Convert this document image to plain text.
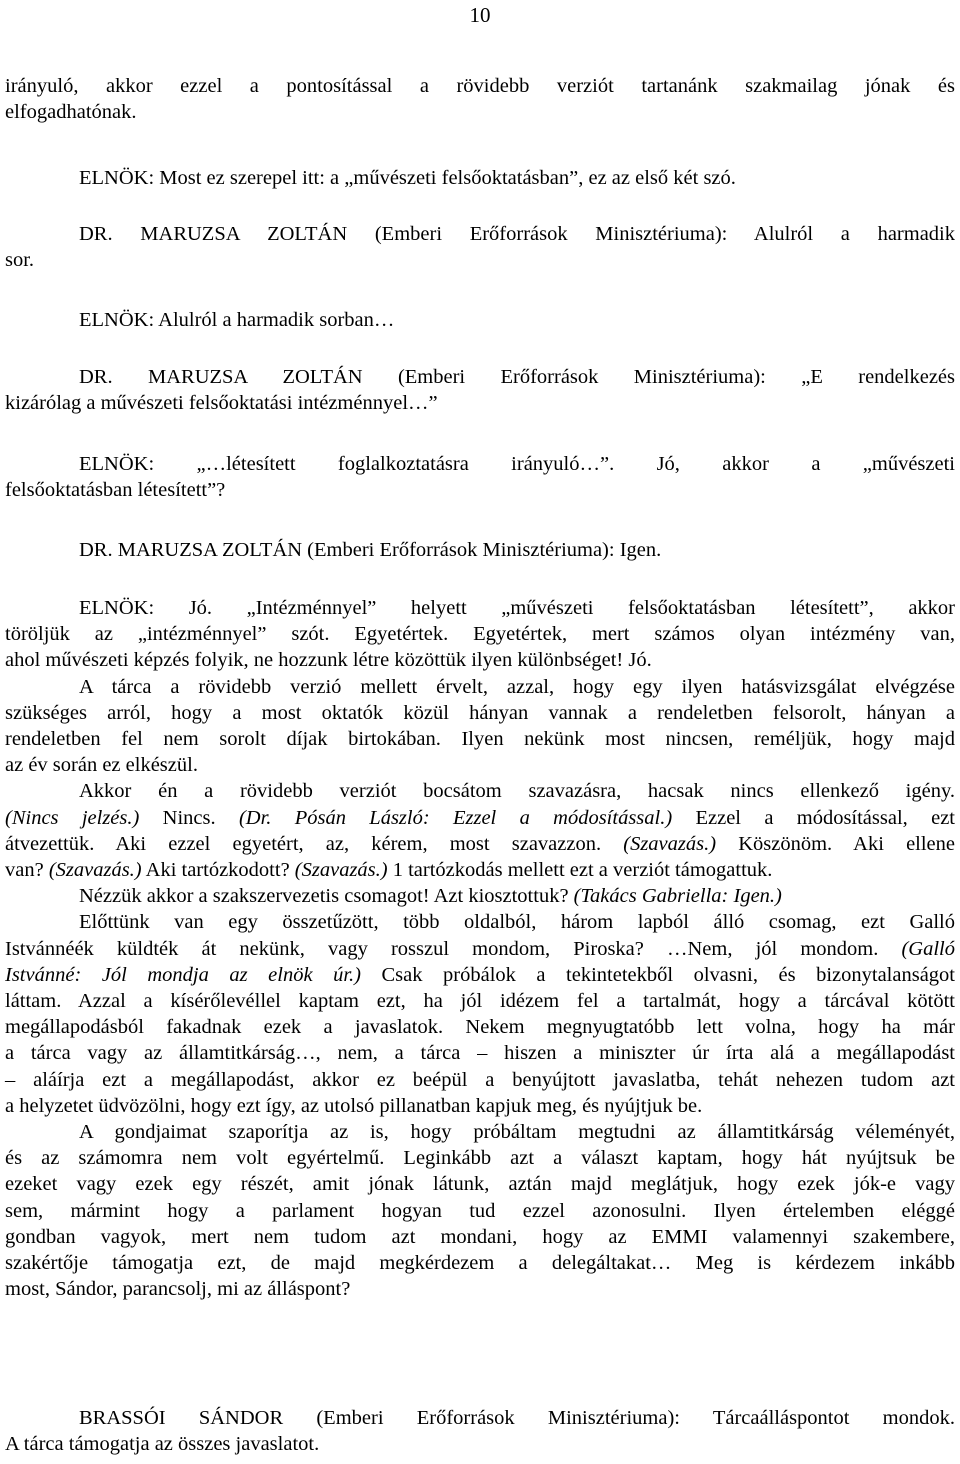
10

irányuló, akkor ezzel a pontosítással a rövidebb verziót tartanánk szakmailag jónak és
elfogadhatónak.

ELNÖK: Most ez szerepel itt: a „művészeti felsőoktatásban”, ez az első két szó.

DR. MARUZSA ZOLTÁN (Emberi Erőforrások Minisztériuma): Alulról a harmadik
sor.

ELNÖK: Alulról a harmadik sorban…

DR. MARUZSA ZOLTÁN (Emberi Erőforrások Minisztériuma): „E rendelkezés
kizárólag a művészeti felsőoktatási intézménnyel…”

ELNÖK: „…létesített foglalkoztatásra irányuló…”. Jó, akkor a „művészeti
felsőoktatásban létesített”?

DR. MARUZSA ZOLTÁN (Emberi Erőforrások Minisztériuma): Igen.

ELNÖK: Jó. „Intézménnyel” helyett „művészeti felsőoktatásban létesített”, akkor
töröljük az „intézménnyel” szót. Egyetértek. Egyetértek, mert számos olyan intézmény van,
ahol művészeti képzés folyik, ne hozzunk létre közöttük ilyen különbséget! Jó.
A tárca a rövidebb verzió mellett érvelt, azzal, hogy egy ilyen hatásvizsgálat elvégzése
szükséges arról, hogy a most oktatók közül hányan vannak a rendeletben felsorolt, hányan a
rendeletben fel nem sorolt díjak birtokában. Ilyen nekünk most nincsen, reméljük, hogy majd
az év során ez elkészül.
Akkor én a rövidebb verziót bocsátom szavazásra, hacsak nincs ellenkező igény.
(Nincs jelzés.) Nincs. (Dr. Pósán László: Ezzel a módosítással.) Ezzel a módosítással, ezt
átvezettük. Aki ezzel egyetért, az, kérem, most szavazzon. (Szavazás.) Köszönöm. Aki ellene
van? (Szavazás.) Aki tartózkodott? (Szavazás.) 1 tartózkodás mellett ezt a verziót támogattuk.
Nézzük akkor a szakszervezetis csomagot! Azt kiosztottuk? (Takács Gabriella: Igen.)
Előttünk van egy összetűzött, több oldalból, három lapból álló csomag, ezt Galló
Istvánnéék küldték át nekünk, vagy rosszul mondom, Piroska? …Nem, jól mondom. (Galló
Istvánné: Jól mondja az elnök úr.) Csak próbálok a tekintetekből olvasni, és bizonytalanságot
láttam. Azzal a kísérőlevéllel kaptam ezt, ha jól idézem fel a tartalmát, hogy a tárcával kötött
megállapodásból fakadnak ezek a javaslatok. Nekem megnyugtatóbb lett volna, hogy ha már
a tárca vagy az államtitkárság…, nem, a tárca – hiszen a miniszter úr írta alá a megállapodást
– aláírja ezt a megállapodást, akkor ez beépül a benyújtott javaslatba, tehát nehezen tudom azt
a helyzetet üdvözölni, hogy ezt így, az utolsó pillanatban kapjuk meg, és nyújtjuk be.
A gondjaimat szaporítja az is, hogy próbáltam megtudni az államtitkárság véleményét,
és az számomra nem volt egyértelmű. Leginkább azt a választ kaptam, hogy hát nyújtsuk be
ezeket vagy ezek egy részét, amit jónak látunk, aztán majd meglátjuk, hogy ezek jók-e vagy
sem, mármint hogy a parlament hogyan tud ezzel azonosulni. Ilyen értelemben eléggé
gondban vagyok, mert nem tudom azt mondani, hogy az EMMI valamennyi szakembere,
szakértője támogatja ezt, de majd megkérdezem a delegáltakat… Meg is kérdezem inkább
most, Sándor, parancsolj, mi az álláspont?

BRASSÓI SÁNDOR (Emberi Erőforrások Minisztériuma): Tárcaálláspontot mondok.
A tárca támogatja az összes javaslatot.
